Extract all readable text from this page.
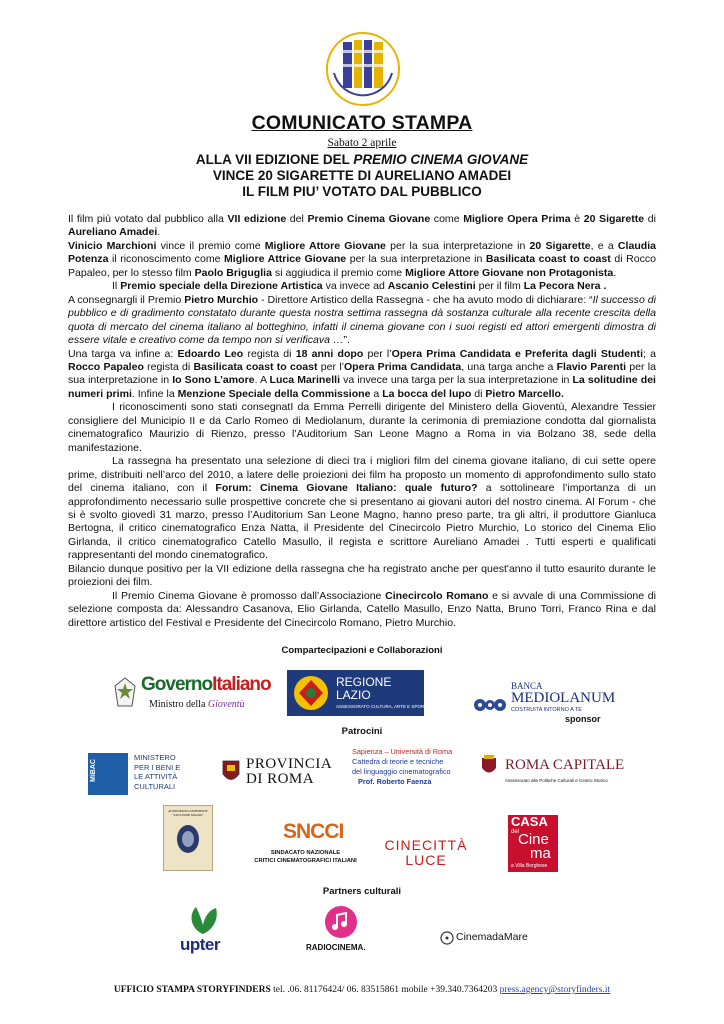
COMUNICATO STAMPA
Sabato 2 aprile
ALLA VII EDIZIONE DEL PREMIO CINEMA GIOVANE
VINCE 20 SIGARETTE DI AURELIANO AMADEI
IL FILM PIU’ VOTATO DAL PUBBLICO

Il film più votato dal pubblico alla VII edizione del Premio Cinema Giovane come Migliore Opera Prima è 20 Sigarette di Aureliano Amadei.

Vinicio Marchioni vince il premio come Migliore Attore Giovane per la sua interpretazione in 20 Sigarette, e a Claudia Potenza il riconoscimento come Migliore Attrice Giovane per la sua interpretazione in Basilicata coast to coast di Rocco Papaleo, per lo stesso film Paolo Briguglia si aggiudica il premio come Migliore Attore Giovane non Protagonista.

Il Premio speciale della Direzione Artistica va invece ad Ascanio Celestini per il film La Pecora Nera .

A consegnargli il Premio Pietro Murchio - Direttore Artistico della Rassegna - che ha avuto modo di dichiarare: “Il successo di pubblico e di gradimento constatato durante questa nostra settima rassegna dà sostanza culturale alla recente crescita della quota di mercato del cinema italiano al botteghino, infatti il cinema giovane con i suoi registi ed attori emergenti dimostra di essere vitale e creativo come da tempo non si verificava …”.

Una targa va infine a: Edoardo Leo regista di 18 anni dopo per l’Opera Prima Candidata e Preferita dagli Studenti; a Rocco Papaleo regista di Basilicata coast to coast per l’Opera Prima Candidata, una targa anche a Flavio Parenti per la sua interpretazione in Io Sono L’amore. A Luca Marinelli va invece una targa per la sua interpretazione in La solitudine dei numeri primi. Infine la Menzione Speciale della Commissione a La bocca del lupo di Pietro Marcello.

I riconoscimenti sono stati consegnatI da Emma Perrelli dirigente del Ministero della Gioventù, Alexandre Tessier consigliere del Municipio II e da Carlo Romeo di Mediolanum, durante la cerimonia di premiazione condotta dal giornalista cinematografico Maurizio di Rienzo, presso l’Auditorium San Leone Magno a Roma in via Bolzano 38, sede della manifestazione.

La rassegna ha presentato una selezione di dieci tra i migliori film del cinema giovane italiano, di cui sette opere prime, distribuiti nell’arco del 2010, a latere delle proiezioni dei film ha proposto un momento di approfondimento sullo stato del cinema italiano, con il Forum: Cinema Giovane Italiano: quale futuro? a sottolineare l’importanza di un approfondimento necessario sulle prospettive concrete che si presentano ai giovani autori del nostro cinema. Al Forum - che si è svolto giovedì 31 marzo, presso l’Auditorium San Leone Magno, hanno preso parte, tra gli altri, il produttore Gianluca Bertogna, il critico cinematografico Enza Natta, il Presidente del Cinecircolo Pietro Murchio, Lo storico del Cinema Elio Girlanda, il critico cinematografico Catello Masullo, il regista e scrittore Aureliano Amadei . Tutti esperti e qualificati rappresentanti del mondo cinematografico.

Bilancio dunque positivo per la VII edizione della rassegna che ha registrato anche per quest'anno il tutto esaurito durante le proiezioni dei film.

Il Premio Cinema Giovane è promosso dall’Associazione Cinecircolo Romano e si avvale di una Commissione di selezione composta da: Alessandro Casanova, Elio Girlanda, Catello Masullo, Enzo Natta, Bruno Torri, Franco Rina e dal direttore artistico del Festival e Presidente del Cinecircolo Romano, Pietro Murchio.

Compartecipazioni e Collaborazioni
GovernoItaliano
Ministro della Gioventù
REGIONE
LAZIO
ASSESSORATO CULTURA, ARTE E SPORT
BANCA
MEDIOLANUM
COSTRUITA INTORNO A TE
sponsor
Patrocini
MiBAC
MINISTERO
PER I BENI E
LE ATTIVITÀ
CULTURALI
PROVINCIA
DI ROMA
Sapienza – Università di Roma
Cattedra di teorie e tecniche
del linguaggio cinematografico
Prof. Roberto Faenza
ROMA CAPITALE
Assessorato alle Politiche Culturali e Centro Storico
AUDITORIUM CONFERENZE "SAN LEONE MAGNO"
SNCCI
SINDACATO NAZIONALE
CRITICI CINEMATOGRAFICI ITALIANI
CINECITTÀ
LUCE
CASA
del
Cine
ma
a Villa Borghese
Partners culturali
upter	RADIOCINEMA.
CinemadaMare
UFFICIO STAMPA STORYFINDERS tel. .06. 81176424/ 06. 83515861 mobile +39.340.7364203 press.agency@storyfinders.it
